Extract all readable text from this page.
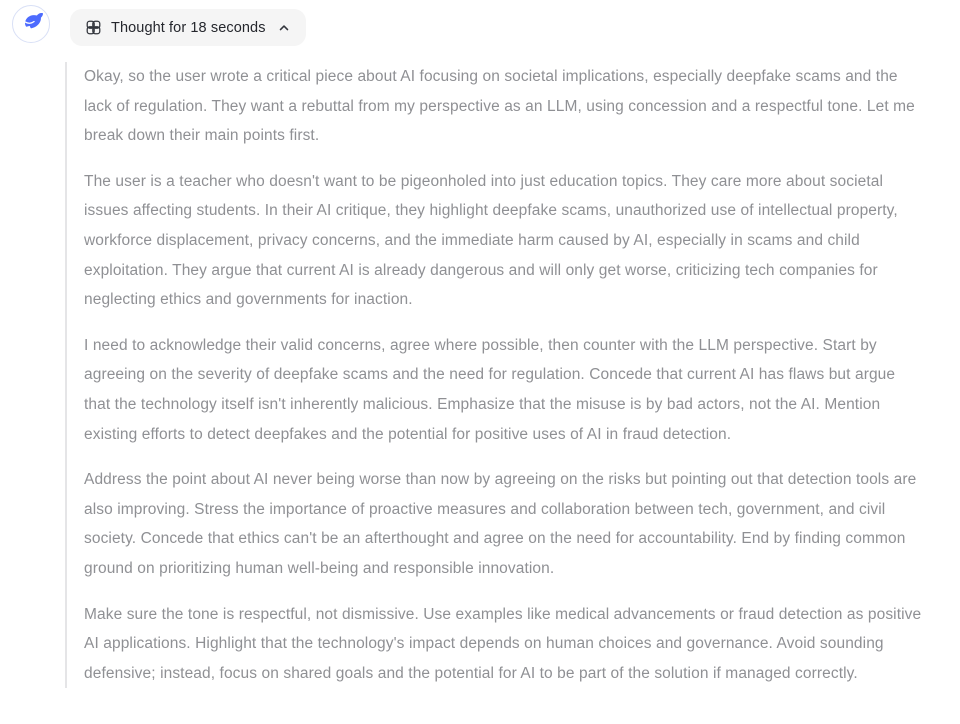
Thought for 18 seconds

Okay, so the user wrote a critical piece about AI focusing on societal implications, especially deepfake scams and the lack of regulation. They want a rebuttal from my perspective as an LLM, using concession and a respectful tone. Let me break down their main points first.

The user is a teacher who doesn't want to be pigeonholed into just education topics. They care more about societal issues affecting students. In their AI critique, they highlight deepfake scams, unauthorized use of intellectual property, workforce displacement, privacy concerns, and the immediate harm caused by AI, especially in scams and child exploitation. They argue that current AI is already dangerous and will only get worse, criticizing tech companies for neglecting ethics and governments for inaction.

I need to acknowledge their valid concerns, agree where possible, then counter with the LLM perspective. Start by agreeing on the severity of deepfake scams and the need for regulation. Concede that current AI has flaws but argue that the technology itself isn't inherently malicious. Emphasize that the misuse is by bad actors, not the AI. Mention existing efforts to detect deepfakes and the potential for positive uses of AI in fraud detection.

Address the point about AI never being worse than now by agreeing on the risks but pointing out that detection tools are also improving. Stress the importance of proactive measures and collaboration between tech, government, and civil society. Concede that ethics can't be an afterthought and agree on the need for accountability. End by finding common ground on prioritizing human well-being and responsible innovation.

Make sure the tone is respectful, not dismissive. Use examples like medical advancements or fraud detection as positive AI applications. Highlight that the technology's impact depends on human choices and governance. Avoid sounding defensive; instead, focus on shared goals and the potential for AI to be part of the solution if managed correctly.
